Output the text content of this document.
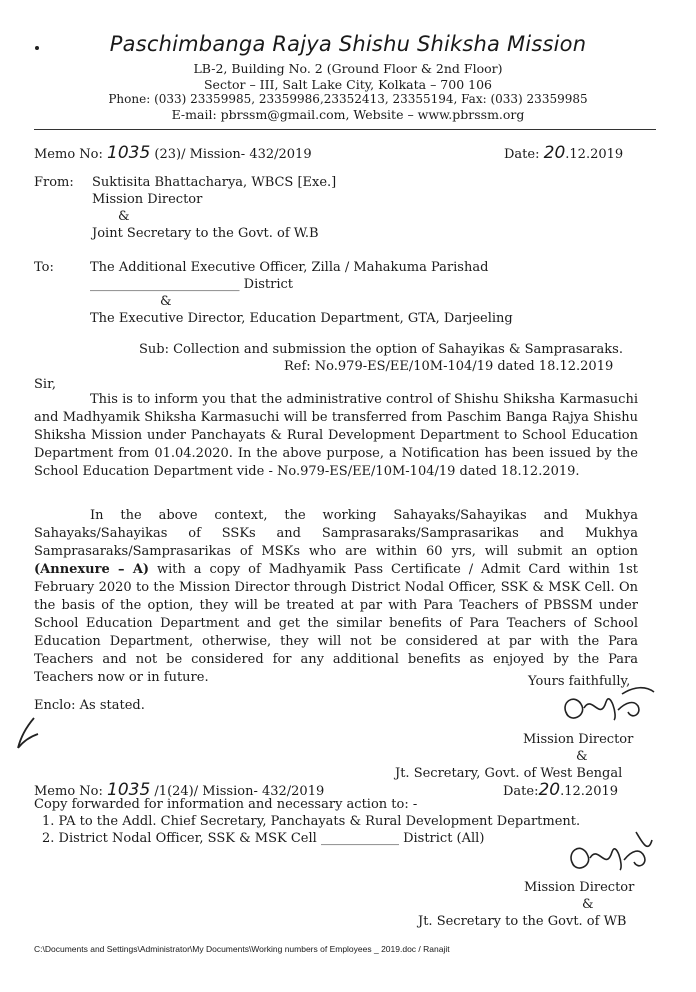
Paschimbanga Rajya Shishu Shiksha Mission
LB-2, Building No. 2 (Ground Floor & 2nd Floor)
Sector – III, Salt Lake City, Kolkata – 700 106
Phone: (033) 23359985, 23359986,23352413, 23355194, Fax: (033) 23359985
E-mail: pbrssm@gmail.com, Website – www.pbrssm.org
Memo No: 1035 (23)/ Mission- 432/2019	Date: 20.12.2019
From: Suktisita Bhattacharya, WBCS [Exe.]
Mission Director
&
Joint Secretary to the Govt. of W.B
To:	The Additional Executive Officer, Zilla / Mahakuma Parishad
_______________________ District
&
The Executive Director, Education Department, GTA, Darjeeling
Sub: Collection and submission the option of Sahayikas & Samprasaraks.
Ref: No.979-ES/EE/10M-104/19 dated 18.12.2019
Sir,
This is to inform you that the administrative control of Shishu Shiksha Karmasuchi and Madhyamik Shiksha Karmasuchi will be transferred from Paschim Banga Rajya Shishu Shiksha Mission under Panchayats & Rural Development Department to School Education Department from 01.04.2020. In the above purpose, a Notification has been issued by the School Education Department vide - No.979-ES/EE/10M-104/19 dated 18.12.2019.
In the above context, the working Sahayaks/Sahayikas and Mukhya Sahayaks/Sahayikas of SSKs and Samprasaraks/Samprasarikas and Mukhya Samprasaraks/Samprasarikas of MSKs who are within 60 yrs, will submit an option (Annexure – A) with a copy of Madhyamik Pass Certificate / Admit Card within 1st February 2020 to the Mission Director through District Nodal Officer, SSK & MSK Cell. On the basis of the option, they will be treated at par with Para Teachers of PBSSM under School Education Department and get the similar benefits of Para Teachers of School Education Department, otherwise, they will not be considered at par with the Para Teachers and not be considered for any additional benefits as enjoyed by the Para Teachers now or in future.	Yours faithfully,
Enclo: As stated.
Mission Director
&
Jt. Secretary, Govt. of West Bengal
Memo No: 1035 /1(24)/ Mission- 432/2019	Date:20.12.2019
Copy forwarded for information and necessary action to: -
1. PA to the Addl. Chief Secretary, Panchayats & Rural Development Department.
2. District Nodal Officer, SSK & MSK Cell ____________ District (All)
Mission Director
&
Jt. Secretary to the Govt. of WB
C:\Documents and Settings\Administrator\My Documents\Working numbers of Employees _ 2019.doc / Ranajit
